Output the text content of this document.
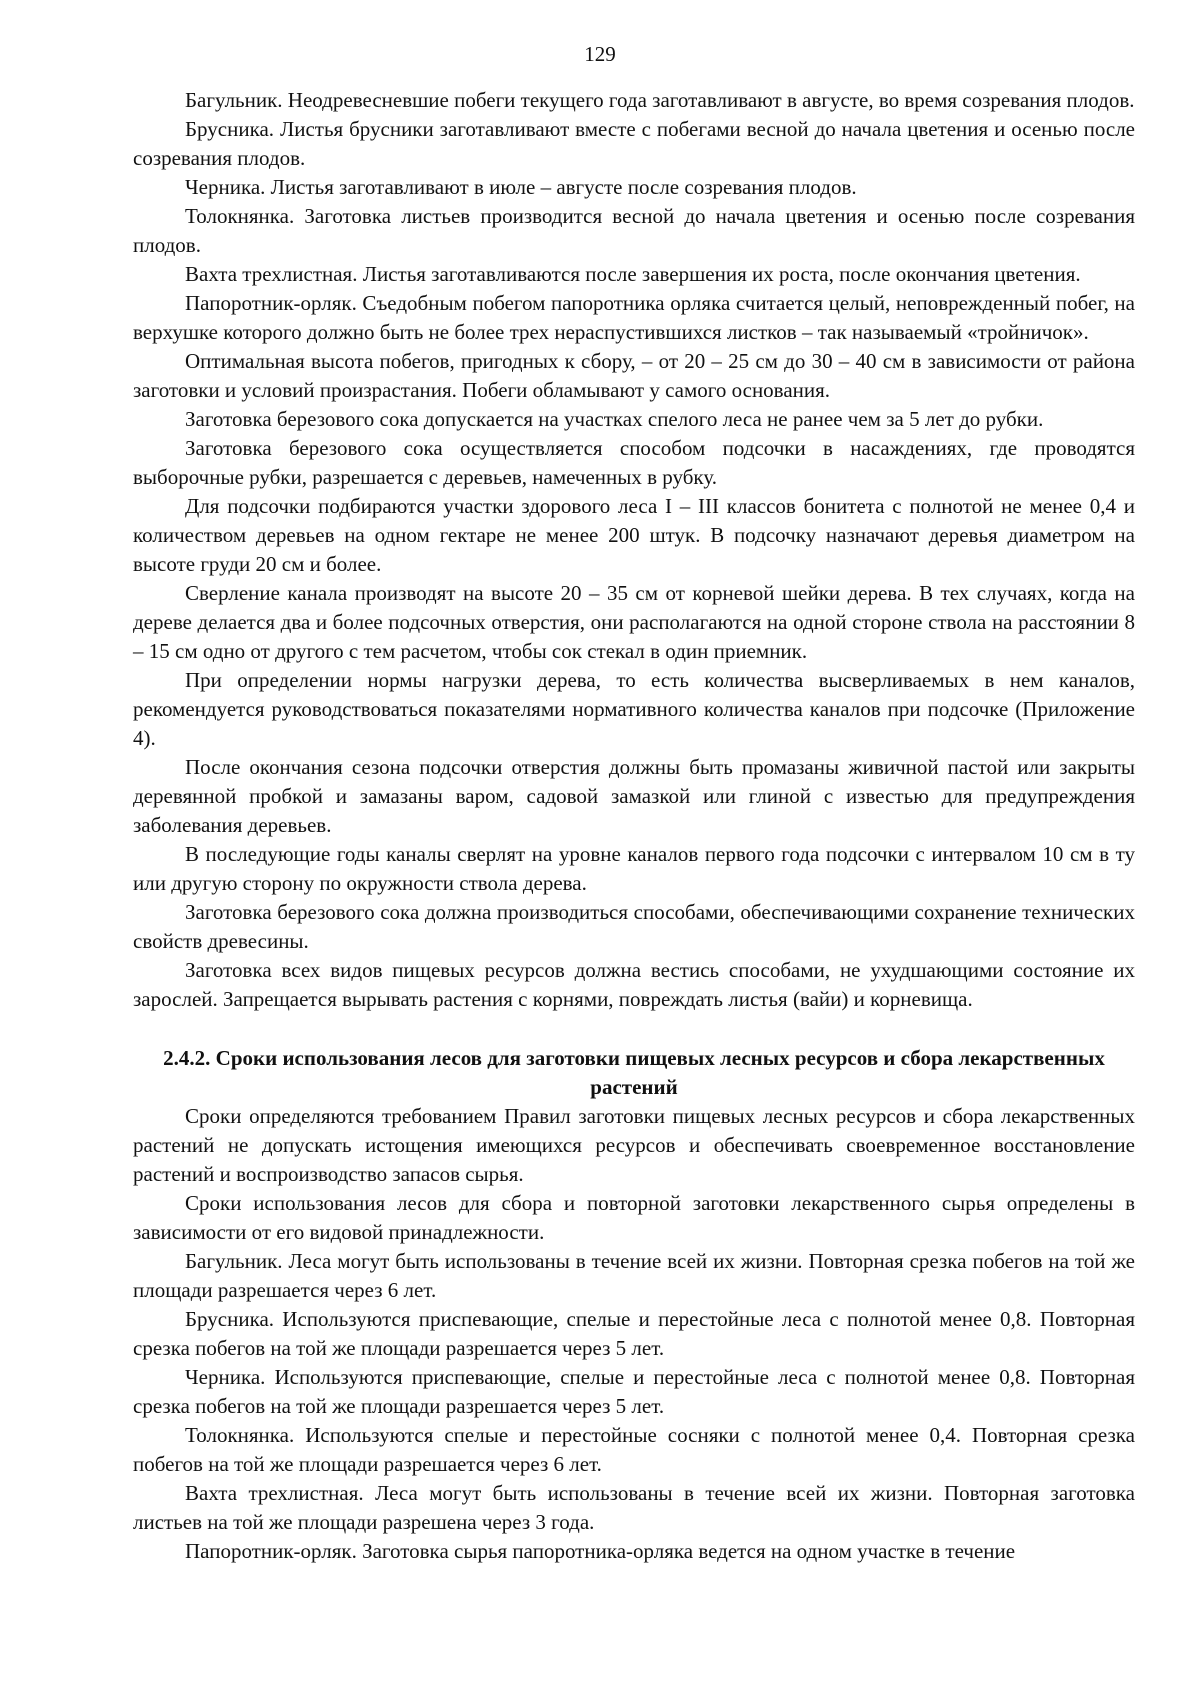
129

Багульник. Неодревесневшие побеги текущего года заготавливают в августе, во время созревания плодов.

Брусника. Листья брусники заготавливают вместе с побегами весной до начала цветения и осенью после созревания плодов.

Черника. Листья заготавливают в июле – августе после созревания плодов.

Толокнянка. Заготовка листьев производится весной до начала цветения и осенью после созревания плодов.

Вахта трехлистная. Листья заготавливаются после завершения их роста, после окончания цветения.

Папоротник-орляк. Съедобным побегом папоротника орляка считается целый, неповрежденный побег, на верхушке которого должно быть не более трех нераспустившихся листков – так называемый «тройничок».

Оптимальная высота побегов, пригодных к сбору, – от 20 – 25 см до 30 – 40 см в зависимости от района заготовки и условий произрастания. Побеги обламывают у самого основания.

Заготовка березового сока допускается на участках спелого леса не ранее чем за 5 лет до рубки.

Заготовка березового сока осуществляется способом подсочки в насаждениях, где проводятся выборочные рубки, разрешается с деревьев, намеченных в рубку.

Для подсочки подбираются участки здорового леса I – III классов бонитета с полнотой не менее 0,4 и количеством деревьев на одном гектаре не менее 200 штук. В подсочку назначают деревья диаметром на высоте груди 20 см и более.

Сверление канала производят на высоте 20 – 35 см от корневой шейки дерева. В тех случаях, когда на дереве делается два и более подсочных отверстия, они располагаются на одной стороне ствола на расстоянии 8 – 15 см одно от другого с тем расчетом, чтобы сок стекал в один приемник.

При определении нормы нагрузки дерева, то есть количества высверливаемых в нем каналов, рекомендуется руководствоваться показателями нормативного количества каналов при подсочке (Приложение 4).

После окончания сезона подсочки отверстия должны быть промазаны живичной пастой или закрыты деревянной пробкой и замазаны варом, садовой замазкой или глиной с известью для предупреждения заболевания деревьев.

В последующие годы каналы сверлят на уровне каналов первого года подсочки с интервалом 10 см в ту или другую сторону по окружности ствола дерева.

Заготовка березового сока должна производиться способами, обеспечивающими сохранение технических свойств древесины.

Заготовка всех видов пищевых ресурсов должна вестись способами, не ухудшающими состояние их зарослей. Запрещается вырывать растения с корнями, повреждать листья (вайи) и корневища.

2.4.2. Сроки использования лесов для заготовки пищевых лесных ресурсов и сбора лекарственных растений

Сроки определяются требованием Правил заготовки пищевых лесных ресурсов и сбора лекарственных растений не допускать истощения имеющихся ресурсов и обеспечивать своевременное восстановление растений и воспроизводство запасов сырья.

Сроки использования лесов для сбора и повторной заготовки лекарственного сырья определены в зависимости от его видовой принадлежности.

Багульник. Леса могут быть использованы в течение всей их жизни. Повторная срезка побегов на той же площади разрешается через 6 лет.

Брусника. Используются приспевающие, спелые и перестойные леса с полнотой менее 0,8. Повторная срезка побегов на той же площади разрешается через 5 лет.

Черника. Используются приспевающие, спелые и перестойные леса с полнотой менее 0,8. Повторная срезка побегов на той же площади разрешается через 5 лет.

Толокнянка. Используются спелые и перестойные сосняки с полнотой менее 0,4. Повторная срезка побегов на той же площади разрешается через 6 лет.

Вахта трехлистная. Леса могут быть использованы в течение всей их жизни. Повторная заготовка листьев на той же площади разрешена через 3 года.

Папоротник-орляк. Заготовка сырья папоротника-орляка ведется на одном участке в течение
